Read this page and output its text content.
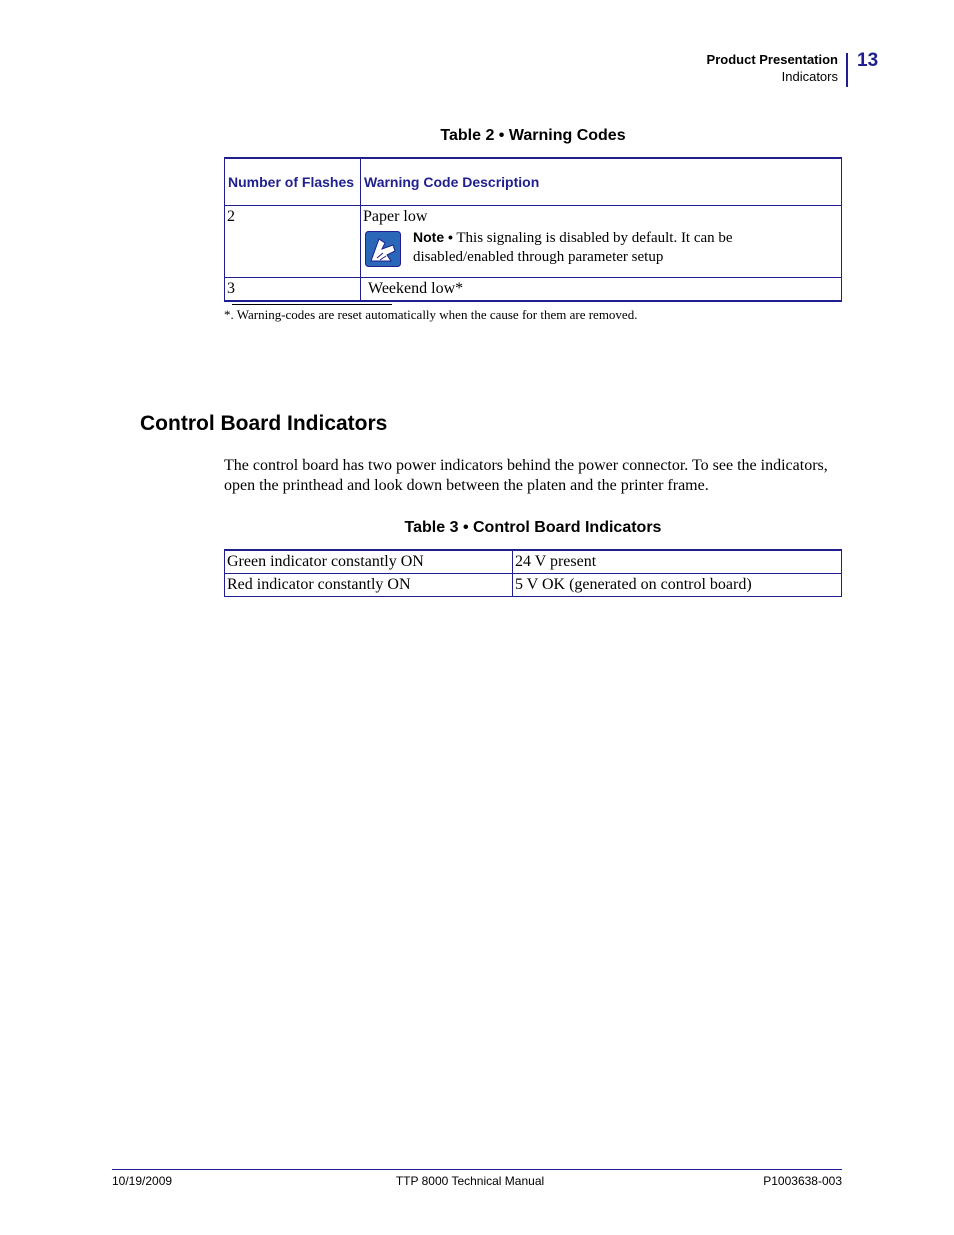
Product Presentation
Indicators
13
Table 2 • Warning Codes
Number of Flashes	Warning Code Description

2	Paper low
Note • This signaling is disabled by default. It can be disabled/enabled through parameter setup

3	Weekend low*
*. Warning-codes are reset automatically when the cause for them are removed.
Control Board Indicators
The control board has two power indicators behind the power connector. To see the indicators, open the printhead and look down between the platen and the printer frame.
Table 3 • Control Board Indicators
Green indicator constantly ON	24 V present
Red indicator constantly ON	5 V OK (generated on control board)
10/19/2009	TTP 8000 Technical Manual	P1003638-003
